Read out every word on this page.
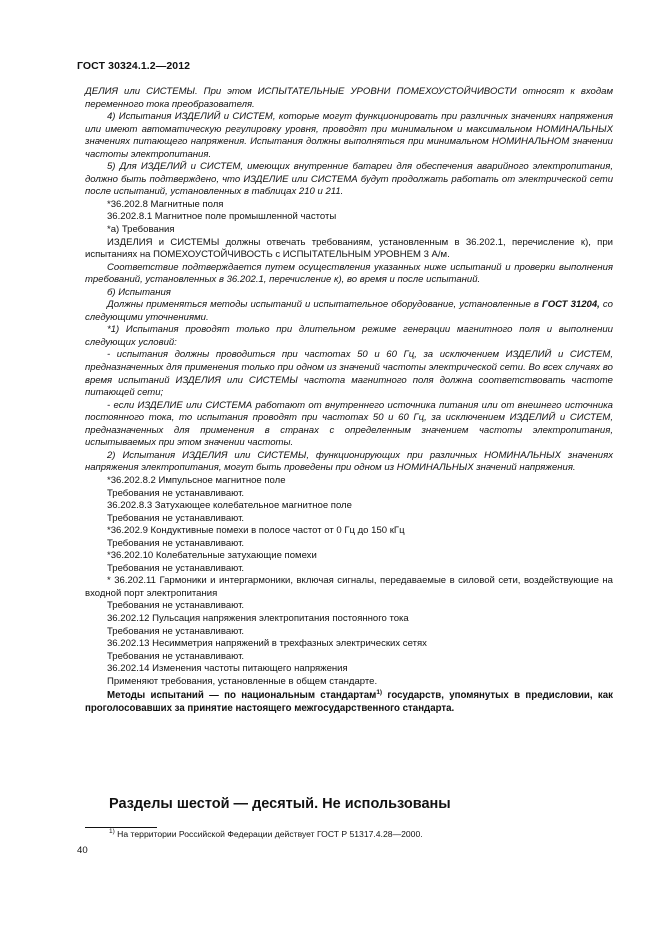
ГОСТ 30324.1.2—2012

ДЕЛИЯ или СИСТЕМЫ. При этом ИСПЫТАТЕЛЬНЫЕ УРОВНИ ПОМЕХОУСТОЙЧИВОСТИ относят к входам переменного тока преобразователя.

4) Испытания ИЗДЕЛИЙ и СИСТЕМ, которые могут функционировать при различных значениях напряжения или имеют автоматическую регулировку уровня, проводят при минимальном и максимальном НОМИНАЛЬНЫХ значениях питающего напряжения. Испытания должны выполняться при минимальном НОМИНАЛЬНОМ значении частоты электропитания.

5) Для ИЗДЕЛИЙ и СИСТЕМ, имеющих внутренние батареи для обеспечения аварийного электропитания, должно быть подтверждено, что ИЗДЕЛИЕ или СИСТЕМА будут продолжать работать от электрической сети после испытаний, установленных в таблицах 210 и 211.

*36.202.8 Магнитные поля

36.202.8.1 Магнитное поле промышленной частоты

*а) Требования

ИЗДЕЛИЯ и СИСТЕМЫ должны отвечать требованиям, установленным в 36.202.1, перечисление к), при испытаниях на ПОМЕХОУСТОЙЧИВОСТЬ с ИСПЫТАТЕЛЬНЫМ УРОВНЕМ 3 А/м.

Соответствие подтверждается путем осуществления указанных ниже испытаний и проверки выполнения требований, установленных в 36.202.1, перечисление к), во время и после испытаний.

б) Испытания

Должны применяться методы испытаний и испытательное оборудование, установленные в ГОСТ 31204, со следующими уточнениями.

*1) Испытания проводят только при длительном режиме генерации магнитного поля и выполнении следующих условий:

- испытания должны проводиться при частотах 50 и 60 Гц, за исключением ИЗДЕЛИЙ и СИСТЕМ, предназначенных для применения только при одном из значений частоты электрической сети. Во всех случаях во время испытаний ИЗДЕЛИЯ или СИСТЕМЫ частота магнитного поля должна соответствовать частоте питающей сети;

- если ИЗДЕЛИЕ или СИСТЕМА работают от внутреннего источника питания или от внешнего источника постоянного тока, то испытания проводят при частотах 50 и 60 Гц, за исключением ИЗДЕЛИЙ и СИСТЕМ, предназначенных для применения в странах с определенным значением частоты электропитания, испытываемых при этом значении частоты.

2) Испытания ИЗДЕЛИЯ или СИСТЕМЫ, функционирующих при различных НОМИНАЛЬНЫХ значениях напряжения электропитания, могут быть проведены при одном из НОМИНАЛЬНЫХ значений напряжения.

*36.202.8.2 Импульсное магнитное поле

Требования не устанавливают.

36.202.8.3 Затухающее колебательное магнитное поле

Требования не устанавливают.

*36.202.9 Кондуктивные помехи в полосе частот от 0 Гц до 150 кГц

Требования не устанавливают.

*36.202.10 Колебательные затухающие помехи

Требования не устанавливают.

* 36.202.11 Гармоники и интергармоники, включая сигналы, передаваемые в силовой сети, воздействующие на входной порт электропитания

Требования не устанавливают.

36.202.12 Пульсация напряжения электропитания постоянного тока

Требования не устанавливают.

36.202.13 Несимметрия напряжений в трехфазных электрических сетях

Требования не устанавливают.

36.202.14 Изменения частоты питающего напряжения

Применяют требования, установленные в общем стандарте.

Методы испытаний — по национальным стандартам$^{1)}$ государств, упомянутых в предисловии, как проголосовавших за принятие настоящего межгосударственного стандарта.

Разделы шестой — десятый. Не использованы
$^{1)}$ На территории Российской Федерации действует ГОСТ Р 51317.4.28—2000.
40
